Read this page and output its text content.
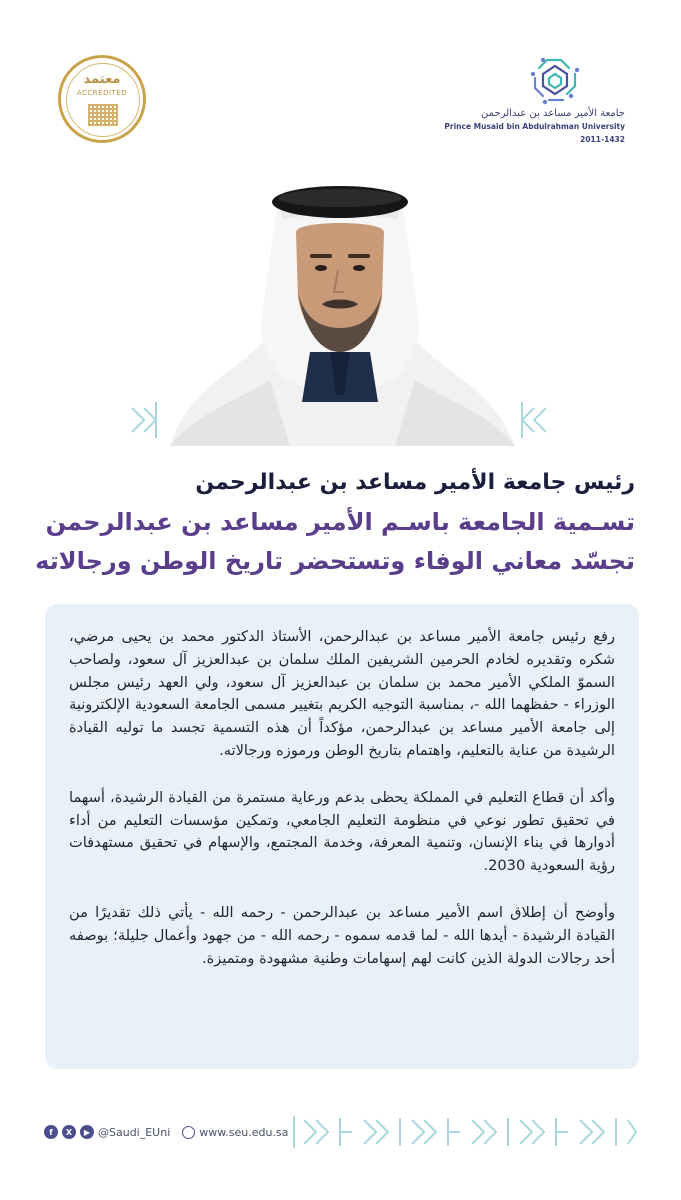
معتمد
ACCREDITED
جامعة الأمير مساعد بن عبدالرحمن
Prince Musaid bin Abdulrahman University
2011-1432
رئيس جامعة الأمير مساعد بن عبدالرحمن
تسـمية الجامعة باسـم الأمير مساعد بن عبدالرحمن
تجسّد معاني الوفاء وتستحضر تاريخ الوطن ورجالاته

رفع رئيس جامعة الأمير مساعد بن عبدالرحمن، الأستاذ الدكتور محمد بن يحيى مرضي، شكره وتقديره لخادم الحرمين الشريفين الملك سلمان بن عبدالعزيز آل سعود، ولصاحب السموّ الملكي الأمير محمد بن سلمان بن عبدالعزيز آل سعود، ولي العهد رئيس مجلس الوزراء - حفظهما الله -، بمناسبة التوجيه الكريم بتغيير مسمى الجامعة السعودية الإلكترونية إلى جامعة الأمير مساعد بن عبدالرحمن، مؤكداً أن هذه التسمية تجسد ما توليه القيادة الرشيدة من عناية بالتعليم، واهتمام بتاريخ الوطن ورموزه ورجالاته.

وأكد أن قطاع التعليم في المملكة يحظى بدعم ورعاية مستمرة من القيادة الرشيدة، أسهما في تحقيق تطور نوعي في منظومة التعليم الجامعي، وتمكين مؤسسات التعليم من أداء أدوارها في بناء الإنسان، وتنمية المعرفة، وخدمة المجتمع، والإسهام في تحقيق مستهدفات رؤية السعودية 2030.

وأوضح أن إطلاق اسم الأمير مساعد بن عبدالرحمن - رحمه الله - يأتي ذلك تقديرًا من القيادة الرشيدة - أيدها الله - لما قدمه سموه - رحمه الله - من جهود وأعمال جليلة؛ بوصفه أحد رجالات الدولة الذين كانت لهم إسهامات وطنية مشهودة ومتميزة.

f	X	▶ @Saudi_EUni	www.seu.edu.sa
